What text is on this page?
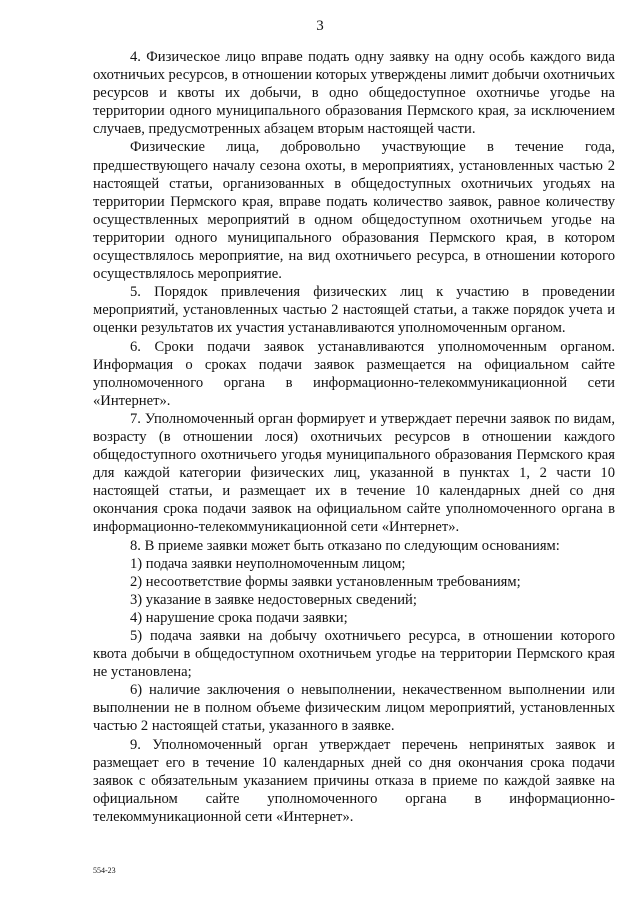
3

4. Физическое лицо вправе подать одну заявку на одну особь каждого вида охотничьих ресурсов, в отношении которых утверждены лимит добычи охотничьих ресурсов и квоты их добычи, в одно общедоступное охотничье угодье на территории одного муниципального образования Пермского края, за исключением случаев, предусмотренных абзацем вторым настоящей части.

Физические лица, добровольно участвующие в течение года, предшествующего началу сезона охоты, в мероприятиях, установленных частью 2 настоящей статьи, организованных в общедоступных охотничьих угодьях на территории Пермского края, вправе подать количество заявок, равное количеству осуществленных мероприятий в одном общедоступном охотничьем угодье на территории одного муниципального образования Пермского края, в котором осуществлялось мероприятие, на вид охотничьего ресурса, в отношении которого осуществлялось мероприятие.

5. Порядок привлечения физических лиц к участию в проведении мероприятий, установленных частью 2 настоящей статьи, а также порядок учета и оценки результатов их участия устанавливаются уполномоченным органом.

6. Сроки подачи заявок устанавливаются уполномоченным органом. Информация о сроках подачи заявок размещается на официальном сайте уполномоченного органа в информационно-телекоммуникационной сети «Интернет».

7. Уполномоченный орган формирует и утверждает перечни заявок по видам, возрасту (в отношении лося) охотничьих ресурсов в отношении каждого общедоступного охотничьего угодья муниципального образования Пермского края для каждой категории физических лиц, указанной в пунктах 1, 2 части 10 настоящей статьи, и размещает их в течение 10 календарных дней со дня окончания срока подачи заявок на официальном сайте уполномоченного органа в информационно-телекоммуникационной сети «Интернет».

8. В приеме заявки может быть отказано по следующим основаниям:

1) подача заявки неуполномоченным лицом;

2) несоответствие формы заявки установленным требованиям;

3) указание в заявке недостоверных сведений;

4) нарушение срока подачи заявки;

5) подача заявки на добычу охотничьего ресурса, в отношении которого квота добычи в общедоступном охотничьем угодье на территории Пермского края не установлена;

6) наличие заключения о невыполнении, некачественном выполнении или выполнении не в полном объеме физическим лицом мероприятий, установленных частью 2 настоящей статьи, указанного в заявке.

9. Уполномоченный орган утверждает перечень непринятых заявок и размещает его в течение 10 календарных дней со дня окончания срока подачи заявок с обязательным указанием причины отказа в приеме по каждой заявке на официальном сайте уполномоченного органа в информационно-телекоммуникационной сети «Интернет».

554-23
